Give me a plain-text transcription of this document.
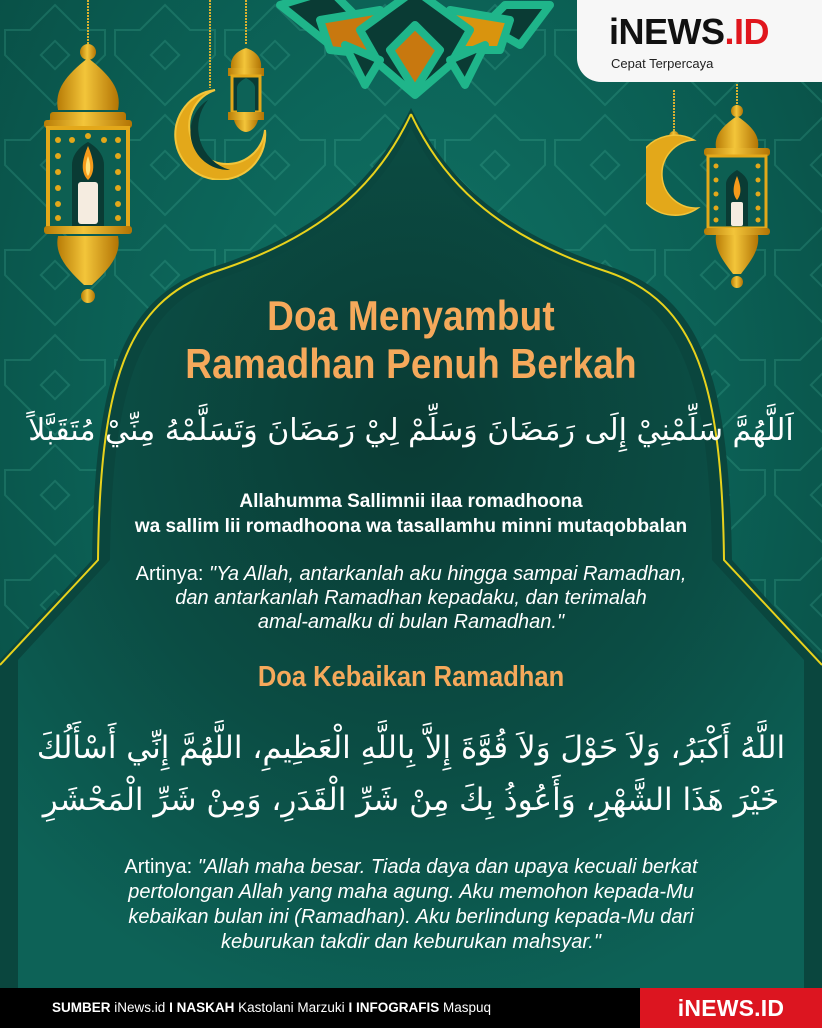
iNEWS.ID
Cepat Terpercaya
Doa Menyambut
Ramadhan Penuh Berkah
اَللَّهُمَّ سَلِّمْنِيْ إِلَى رَمَضَانَ وَسَلِّمْ لِيْ رَمَضَانَ وَتَسَلَّمْهُ مِنِّيْ مُتَقَبَّلاً
Allahumma Sallimnii ilaa romadhoona
wa sallim lii romadhoona wa tasallamhu minni mutaqobbalan
Artinya: "Ya Allah, antarkanlah aku hingga sampai Ramadhan,
dan antarkanlah Ramadhan kepadaku, dan terimalah
amal-amalku di bulan Ramadhan."
Doa Kebaikan Ramadhan
اللَّهُ أَكْبَرُ، وَلاَ حَوْلَ وَلاَ قُوَّةَ إِلاَّ بِاللَّهِ الْعَظِيمِ، اللَّهُمَّ إِنِّي أَسْأَلُكَ
خَيْرَ هَذَا الشَّهْرِ، وَأَعُوذُ بِكَ مِنْ شَرِّ الْقَدَرِ، وَمِنْ شَرِّ الْمَحْشَرِ
Artinya: "Allah maha besar. Tiada daya dan upaya kecuali berkat
pertolongan Allah yang maha agung. Aku memohon kepada-Mu
kebaikan bulan ini (Ramadhan). Aku berlindung kepada-Mu dari
keburukan takdir dan keburukan mahsyar."
SUMBER iNews.id I NASKAH Kastolani Marzuki I INFOGRAFIS Maspuq	iNEWS.ID
